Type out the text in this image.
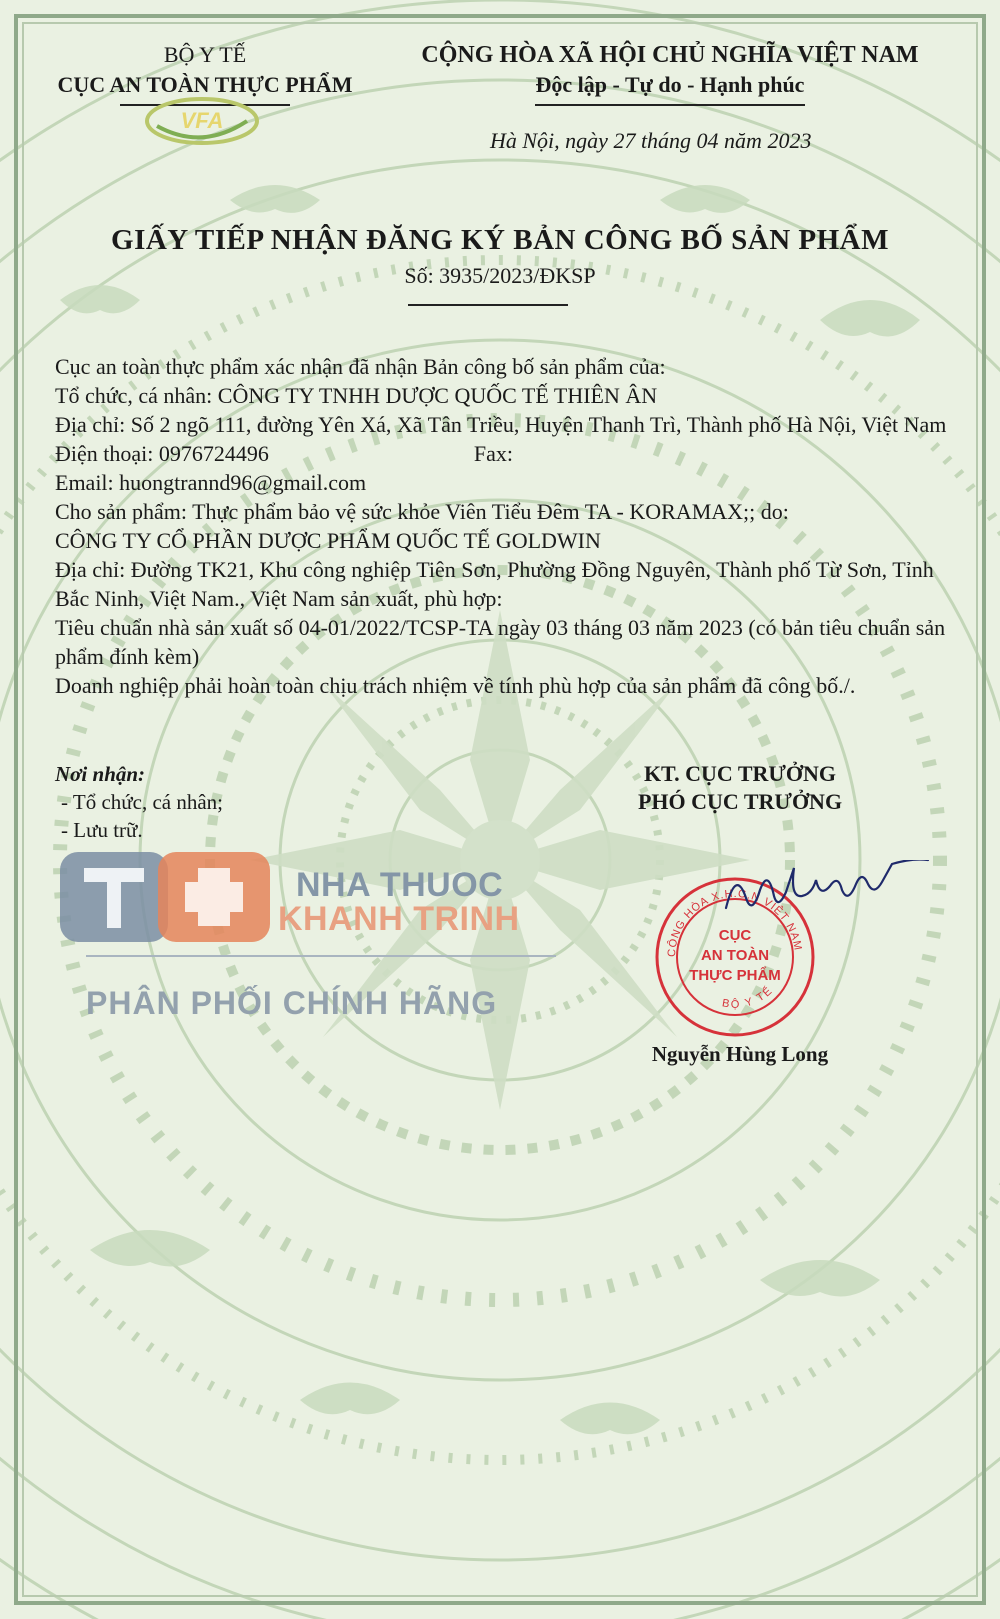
BỘ Y TẾ
CỤC AN TOÀN THỰC PHẨM
VFA
CỘNG HÒA XÃ HỘI CHỦ NGHĨA VIỆT NAM
Độc lập - Tự do - Hạnh phúc
Hà Nội, ngày 27 tháng 04 năm 2023
GIẤY TIẾP NHẬN ĐĂNG KÝ BẢN CÔNG BỐ SẢN PHẨM
Số: 3935/2023/ĐKSP

Cục an toàn thực phẩm xác nhận đã nhận Bản công bố sản phẩm của:

Tổ chức, cá nhân: CÔNG TY TNHH DƯỢC QUỐC TẾ THIÊN ÂN

Địa chỉ: Số 2 ngõ 111, đường Yên Xá, Xã Tân Triều, Huyện Thanh Trì, Thành phố Hà Nội, Việt Nam

Điện thoại: 0976724496	Fax:

Email: huongtrannd96@gmail.com

Cho sản phẩm: Thực phẩm bảo vệ sức khỏe Viên Tiểu Đêm TA - KORAMAX;; do:

CÔNG TY CỔ PHẦN DƯỢC PHẨM QUỐC TẾ GOLDWIN

Địa chỉ: Đường TK21, Khu công nghiệp Tiên Sơn, Phường Đồng Nguyên, Thành phố Từ Sơn, Tỉnh Bắc Ninh, Việt Nam., Việt Nam sản xuất, phù hợp:

Tiêu chuẩn nhà sản xuất số 04-01/2022/TCSP-TA ngày 03 tháng 03 năm 2023 (có bản tiêu chuẩn sản phẩm đính kèm)

Doanh nghiệp phải hoàn toàn chịu trách nhiệm về tính phù hợp của sản phẩm đã công bố./.

Nơi nhận:
- Tổ chức, cá nhân;
- Lưu trữ.
KT. CỤC TRƯỞNG
PHÓ CỤC TRƯỞNG
CỘNG HÒA X.H.C.N VIỆT NAM
BỘ Y TẾ
CỤC
AN TOÀN
THỰC PHẨM
Nguyễn Hùng Long
NHA THUOC
KHANH TRINH
PHÂN PHỐI CHÍNH HÃNG
